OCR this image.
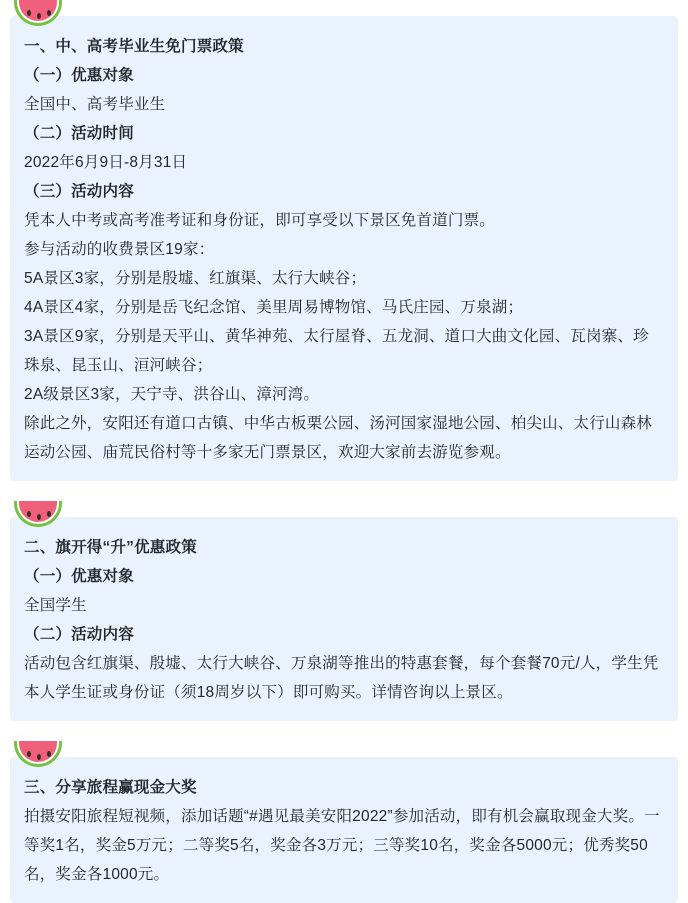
一、中、高考毕业生免门票政策

（一）优惠对象

全国中、高考毕业生

（二）活动时间

2022年6月9日-8月31日

（三）活动内容

凭本人中考或高考准考证和身份证，即可享受以下景区免首道门票。

参与活动的收费景区19家：

5A景区3家，分别是殷墟、红旗渠、太行大峡谷；

4A景区4家，分别是岳飞纪念馆、美里周易博物馆、马氏庄园、万泉湖；

3A景区9家，分别是天平山、黄华神苑、太行屋脊、五龙洞、道口大曲文化园、瓦岗寨、珍珠泉、昆玉山、洹河峡谷；

2A级景区3家，天宁寺、洪谷山、漳河湾。

除此之外，安阳还有道口古镇、中华古板栗公园、汤河国家湿地公园、柏尖山、太行山森林运动公园、庙荒民俗村等十多家无门票景区，欢迎大家前去游览参观。

二、旗开得“升”优惠政策

（一）优惠对象

全国学生

（二）活动内容

活动包含红旗渠、殷墟、太行大峡谷、万泉湖等推出的特惠套餐，每个套餐70元/人，学生凭本人学生证或身份证（须18周岁以下）即可购买。详情咨询以上景区。

三、分享旅程赢现金大奖

拍摄安阳旅程短视频，添加话题“#遇见最美安阳2022”参加活动，即有机会赢取现金大奖。一等奖1名，奖金5万元；二等奖5名，奖金各3万元；三等奖10名，奖金各5000元；优秀奖50名，奖金各1000元。
